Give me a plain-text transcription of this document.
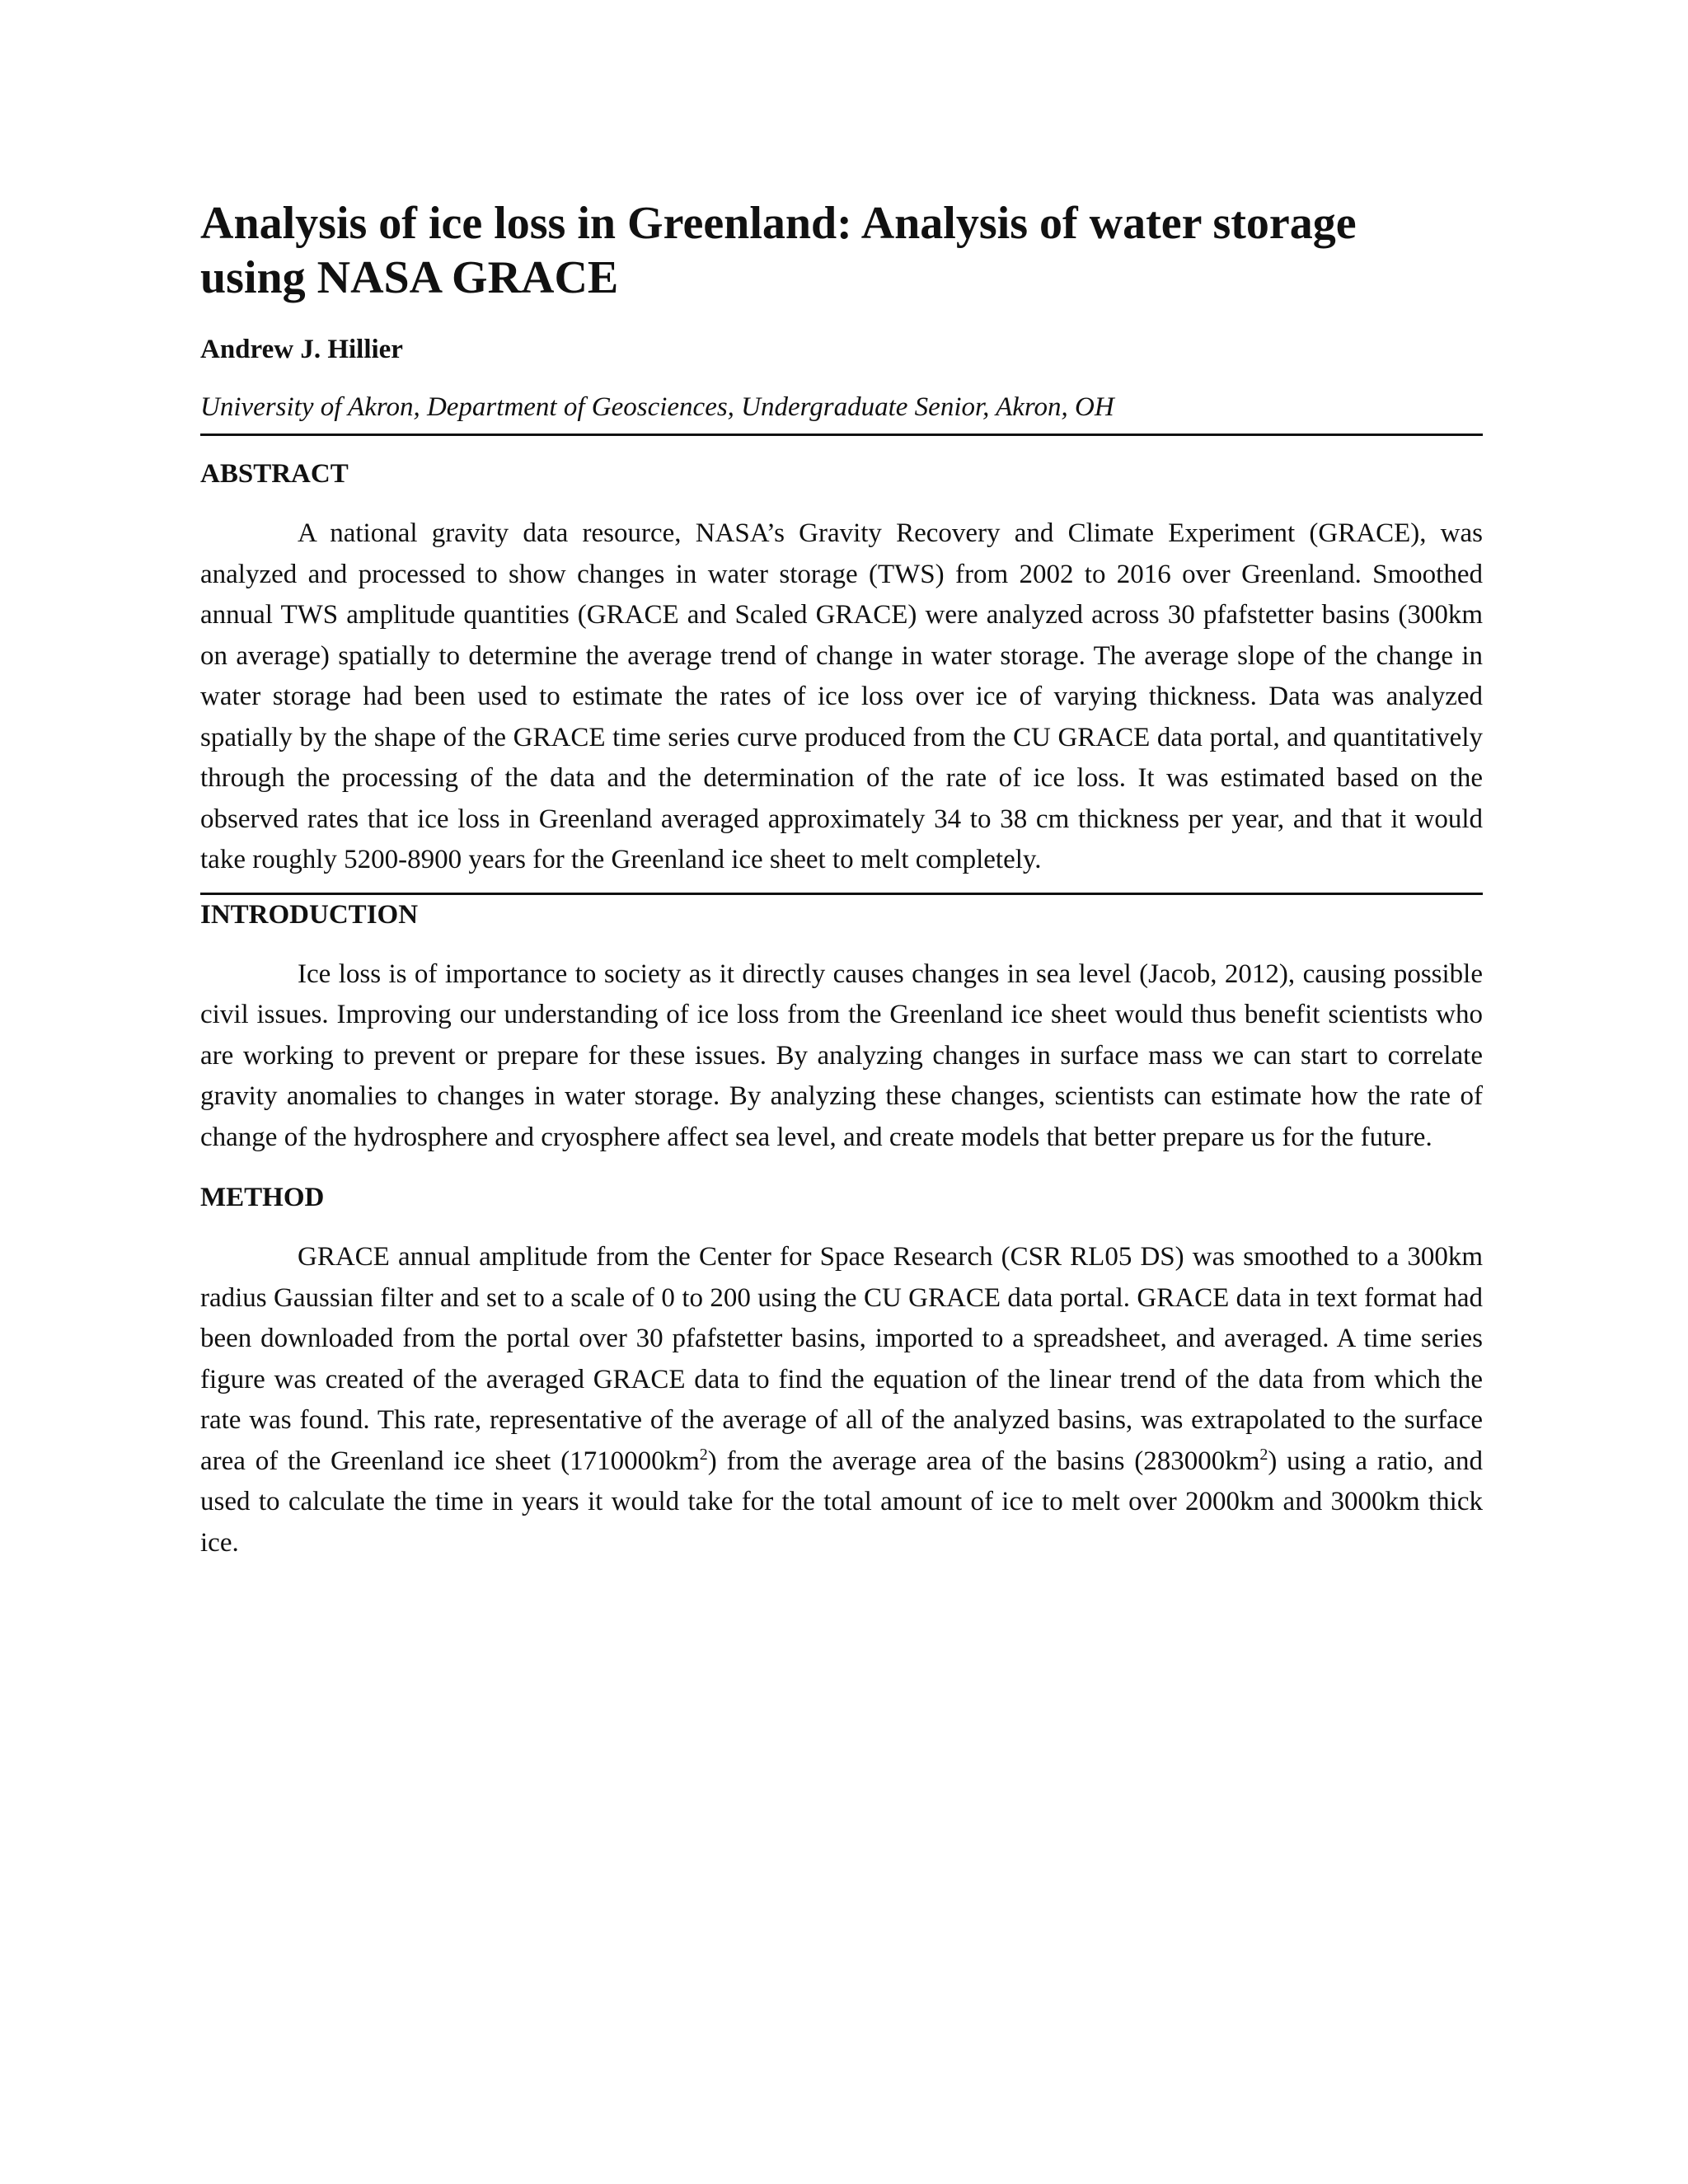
Analysis of ice loss in Greenland: Analysis of water storage using NASA GRACE
Andrew J. Hillier
University of Akron, Department of Geosciences, Undergraduate Senior, Akron, OH
ABSTRACT

A national gravity data resource, NASA’s Gravity Recovery and Climate Experiment (GRACE), was analyzed and processed to show changes in water storage (TWS) from 2002 to 2016 over Greenland. Smoothed annual TWS amplitude quantities (GRACE and Scaled GRACE) were analyzed across 30 pfafstetter basins (300km on average) spatially to determine the average trend of change in water storage. The average slope of the change in water storage had been used to estimate the rates of ice loss over ice of varying thickness. Data was analyzed spatially by the shape of the GRACE time series curve produced from the CU GRACE data portal, and quantitatively through the processing of the data and the determination of the rate of ice loss. It was estimated based on the observed rates that ice loss in Greenland averaged approximately 34 to 38 cm thickness per year, and that it would take roughly 5200-8900 years for the Greenland ice sheet to melt completely.

INTRODUCTION

Ice loss is of importance to society as it directly causes changes in sea level (Jacob, 2012), causing possible civil issues. Improving our understanding of ice loss from the Greenland ice sheet would thus benefit scientists who are working to prevent or prepare for these issues. By analyzing changes in surface mass we can start to correlate gravity anomalies to changes in water storage. By analyzing these changes, scientists can estimate how the rate of change of the hydrosphere and cryosphere affect sea level, and create models that better prepare us for the future.

METHOD

GRACE annual amplitude from the Center for Space Research (CSR RL05 DS) was smoothed to a 300km radius Gaussian filter and set to a scale of 0 to 200 using the CU GRACE data portal. GRACE data in text format had been downloaded from the portal over 30 pfafstetter basins, imported to a spreadsheet, and averaged. A time series figure was created of the averaged GRACE data to find the equation of the linear trend of the data from which the rate was found. This rate, representative of the average of all of the analyzed basins, was extrapolated to the surface area of the Greenland ice sheet $(1710000km^2)$ from the average area of the basins $(283000km^2)$ using a ratio, and used to calculate the time in years it would take for the total amount of ice to melt over 2000km and 3000km thick ice.
